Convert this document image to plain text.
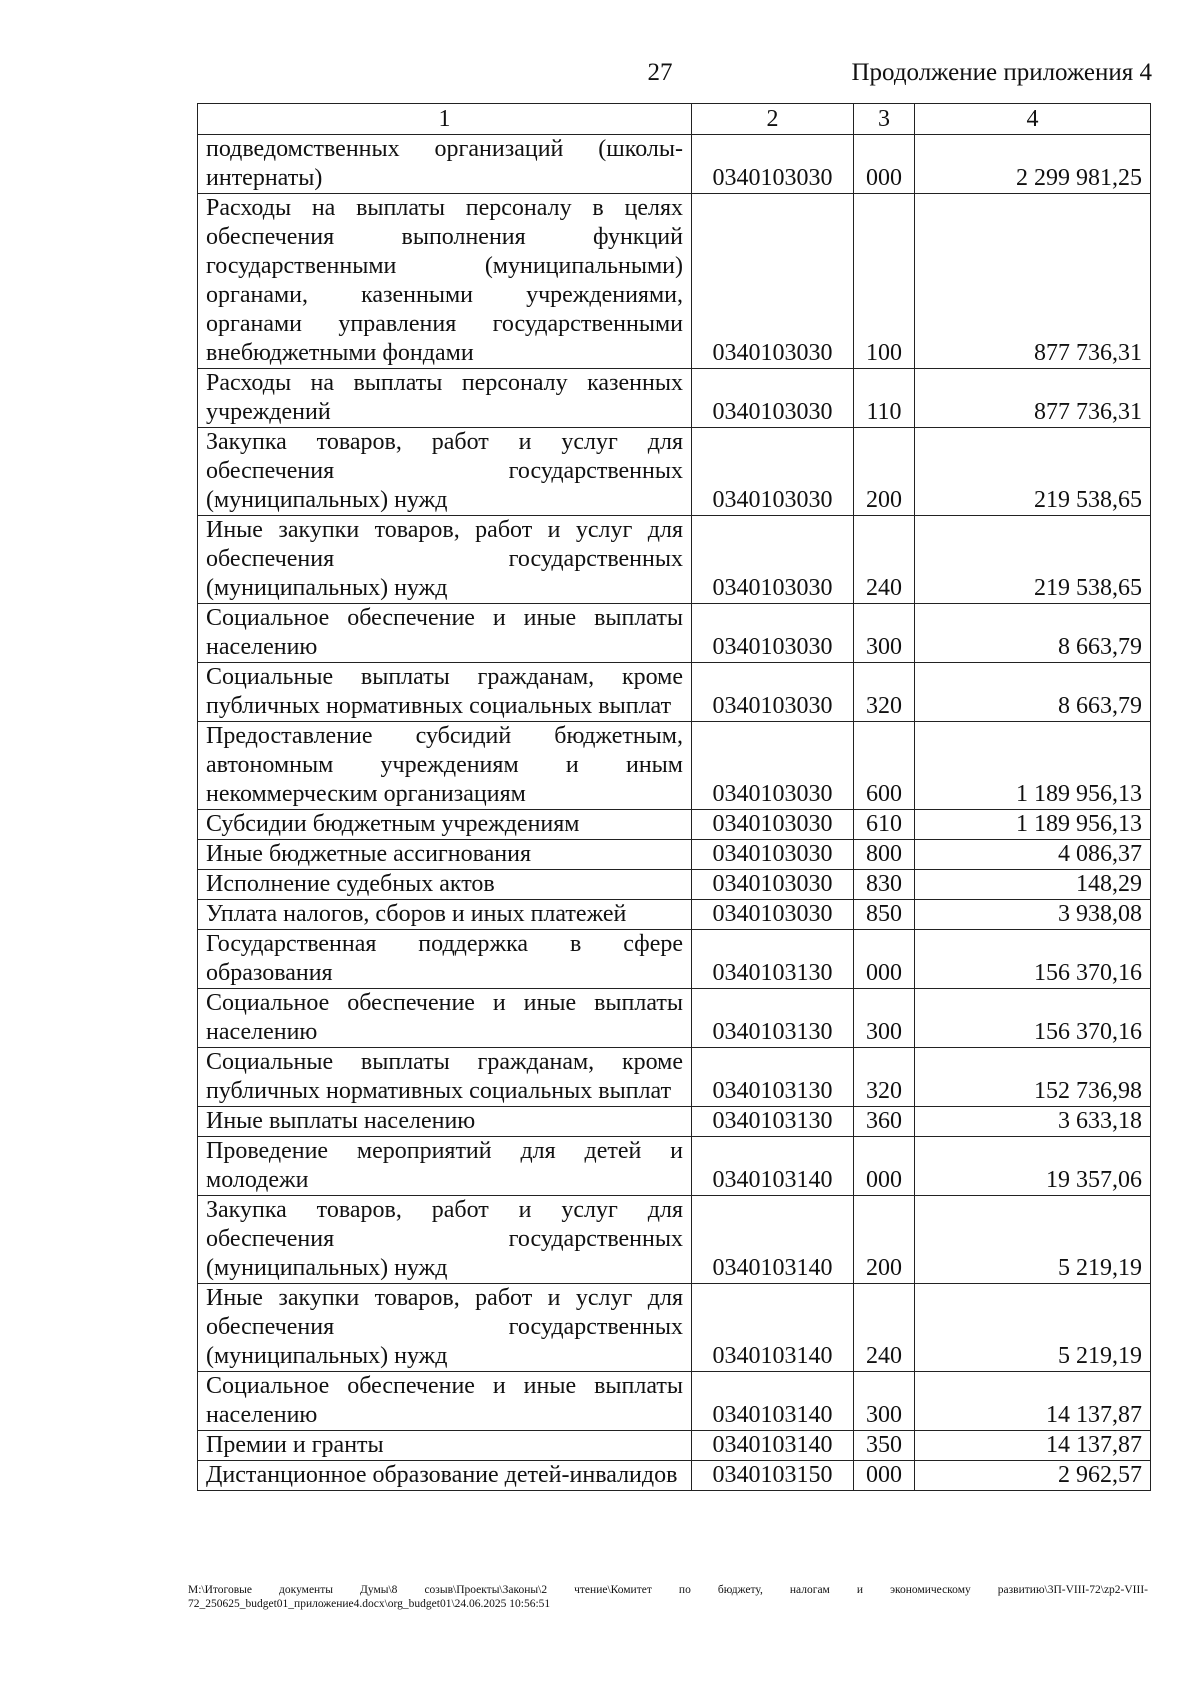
27	Продолжение приложения 4
1	2	3	4
подведомственных организаций (школы-интернаты)	0340103030	000	2 299 981,25
Расходы на выплаты персоналу в целях обеспечения выполнения функций государственными (муниципальными) органами, казенными учреждениями, органами управления государственными внебюджетными фондами	0340103030	100	877 736,31
Расходы на выплаты персоналу казенных учреждений	0340103030	110	877 736,31
Закупка товаров, работ и услуг для обеспечения государственных (муниципальных) нужд	0340103030	200	219 538,65
Иные закупки товаров, работ и услуг для обеспечения государственных (муниципальных) нужд	0340103030	240	219 538,65
Социальное обеспечение и иные выплаты населению	0340103030	300	8 663,79
Социальные выплаты гражданам, кроме публичных нормативных социальных выплат	0340103030	320	8 663,79
Предоставление субсидий бюджетным, автономным учреждениям и иным некоммерческим организациям	0340103030	600	1 189 956,13
Субсидии бюджетным учреждениям	0340103030	610	1 189 956,13
Иные бюджетные ассигнования	0340103030	800	4 086,37
Исполнение судебных актов	0340103030	830	148,29
Уплата налогов, сборов и иных платежей	0340103030	850	3 938,08
Государственная поддержка в сфере образования	0340103130	000	156 370,16
Социальное обеспечение и иные выплаты населению	0340103130	300	156 370,16
Социальные выплаты гражданам, кроме публичных нормативных социальных выплат	0340103130	320	152 736,98
Иные выплаты населению	0340103130	360	3 633,18
Проведение мероприятий для детей и молодежи	0340103140	000	19 357,06
Закупка товаров, работ и услуг для обеспечения государственных (муниципальных) нужд	0340103140	200	5 219,19
Иные закупки товаров, работ и услуг для обеспечения государственных (муниципальных) нужд	0340103140	240	5 219,19
Социальное обеспечение и иные выплаты населению	0340103140	300	14 137,87
Премии и гранты	0340103140	350	14 137,87
Дистанционное образование детей-инвалидов	0340103150	000	2 962,57
M:\Итоговые документы Думы\8 созыв\Проекты\Законы\2 чтение\Комитет по бюджету, налогам и экономическому развитию\3П-VIII-72\zp2-VIII-72_250625_budget01_приложение4.docx\org_budget01\24.06.2025 10:56:51
